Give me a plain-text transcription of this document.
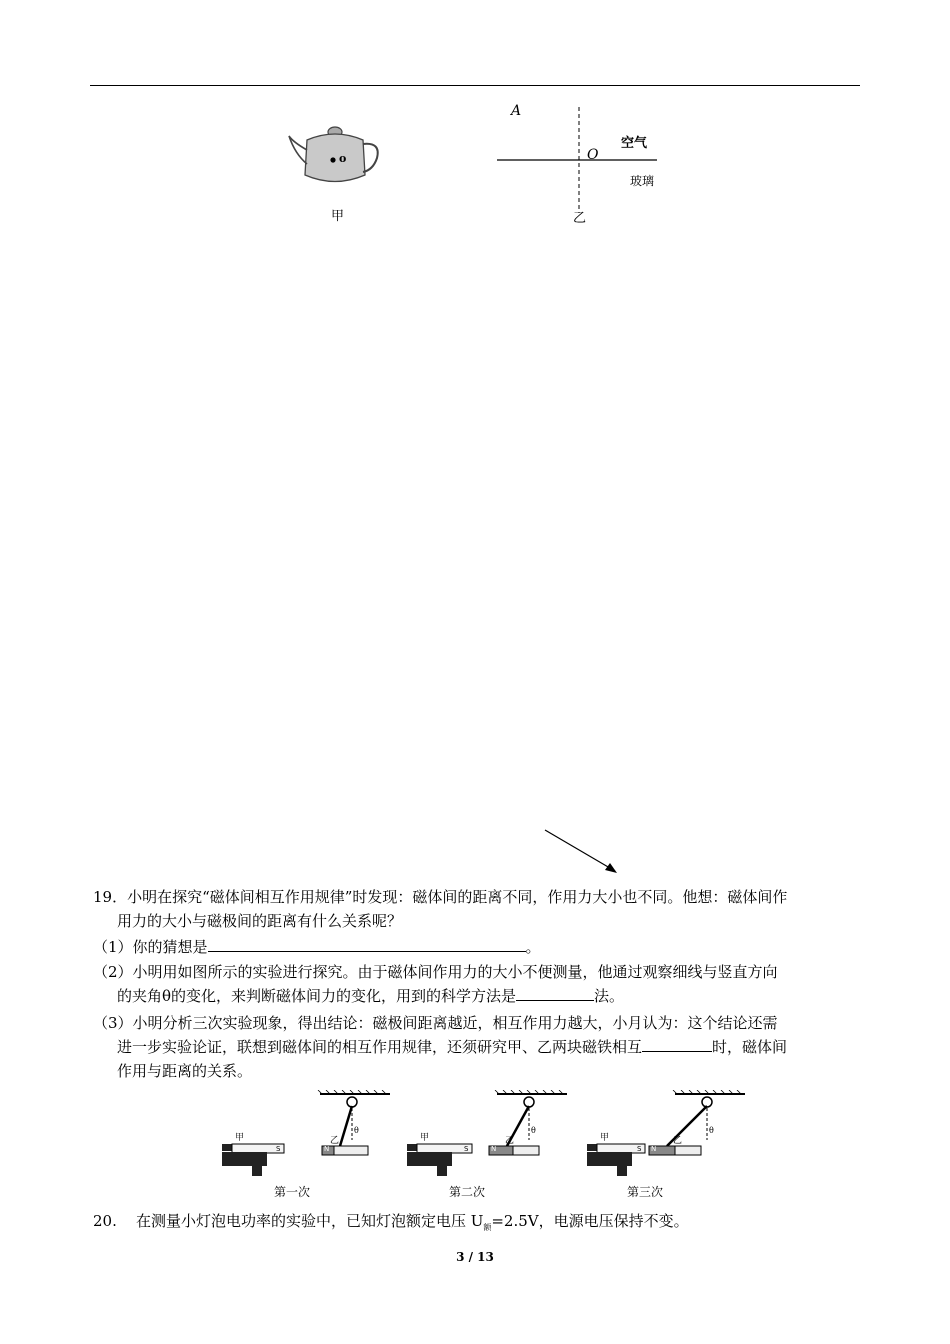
o
甲
A
O
空气
玻璃
乙
19．小明在探究“磁体间相互作用规律”时发现：磁体间的距离不同，作用力大小也不同。他想：磁体间作
用力的大小与磁极间的距离有什么关系呢？
（1）你的猜想是	。
（2）小明用如图所示的实验进行探究。由于磁体间作用力的大小不便测量，他通过观察细线与竖直方向
的夹角θ的变化，来判断磁体间力的变化，用到的科学方法是	法。
（3）小明分析三次实验现象，得出结论：磁极间距离越近，相互作用力越大，小月认为：这个结论还需
进一步实验论证，联想到磁体间的相互作用规律，还须研究甲、乙两块磁铁相互	时，磁体间
作用与距离的关系。
甲
S
乙
N
θ
第一次
甲
S
乙
N
θ
第二次
甲
S
乙
N
θ
第三次
20. 在测量小灯泡电功率的实验中，已知灯泡额定电压 $U_额=2.5V$，电源电压保持不变。
3 / 13
